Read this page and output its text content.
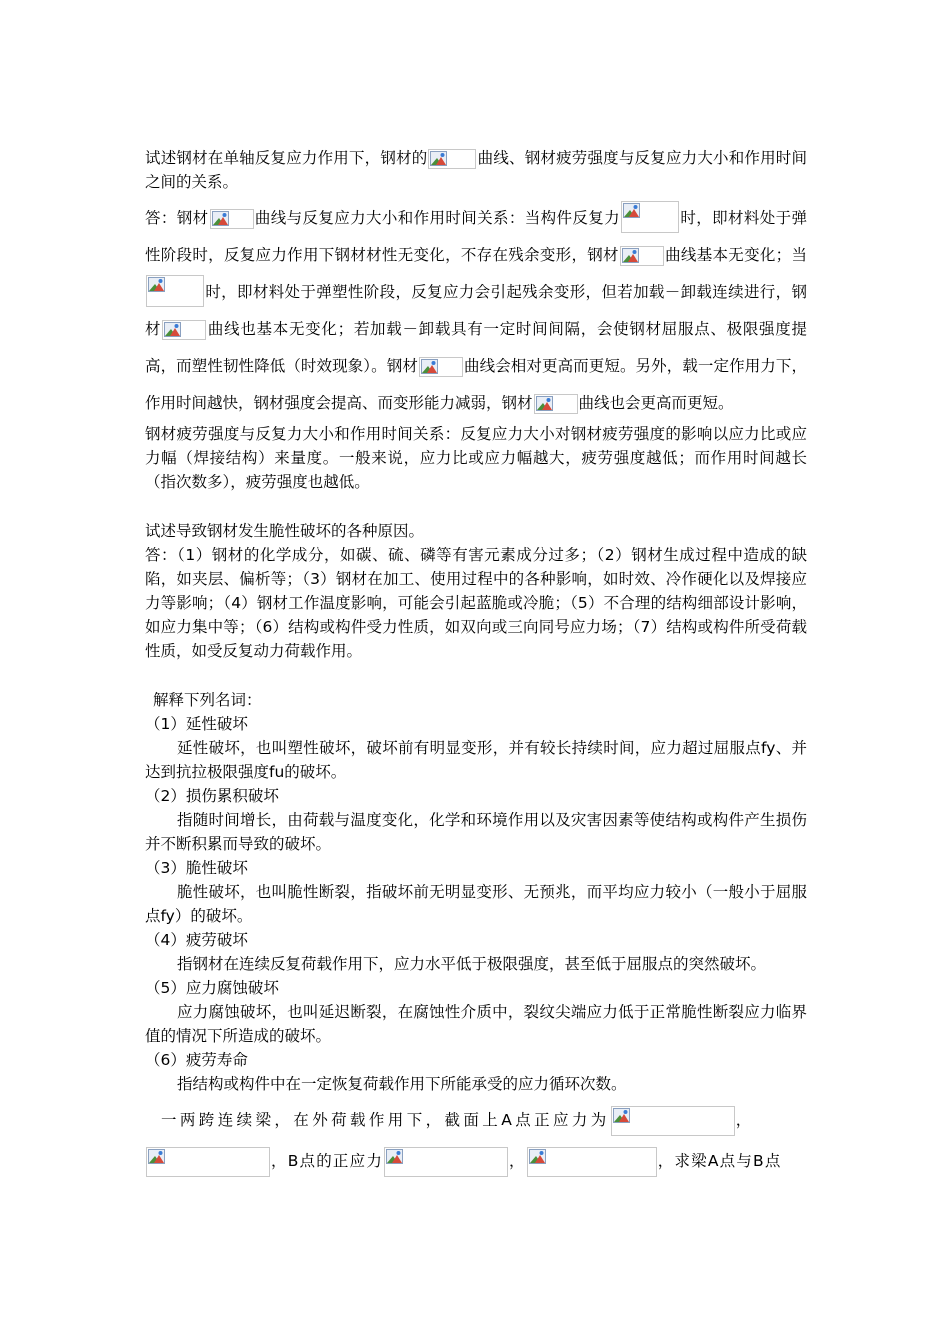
试述钢材在单轴反复应力作用下，钢材的	曲线、钢材疲劳强度与反复应力大小和作用时间之间的关系。

答：钢材	曲线与反复应力大小和作用时间关系：当构件反复力	时，即材料处于弹性阶段时，反复应力作用下钢材材性无变化，不存在残余变形，钢材	曲线基本无变化；当
时，即材料处于弹塑性阶段，反复应力会引起残余变形，但若加载－卸载连续进行，钢材	曲线也基本无变化；若加载－卸载具有一定时间间隔，会使钢材屈服点、极限强度提高，而塑性韧性降低（时效现象）。钢材	曲线会相对更高而更短。另外，载一定作用力下，作用时间越快，钢材强度会提高、而变形能力减弱，钢材	曲线也会更高而更短。

钢材疲劳强度与反复力大小和作用时间关系：反复应力大小对钢材疲劳强度的影响以应力比或应力幅（焊接结构）来量度。一般来说，应力比或应力幅越大，疲劳强度越低；而作用时间越长（指次数多），疲劳强度也越低。

试述导致钢材发生脆性破坏的各种原因。

答：（1）钢材的化学成分，如碳、硫、磷等有害元素成分过多；（2）钢材生成过程中造成的缺陷，如夹层、偏析等；（3）钢材在加工、使用过程中的各种影响，如时效、冷作硬化以及焊接应力等影响；（4）钢材工作温度影响，可能会引起蓝脆或冷脆；（5）不合理的结构细部设计影响，如应力集中等；（6）结构或构件受力性质，如双向或三向同号应力场；（7）结构或构件所受荷载性质，如受反复动力荷载作用。

解释下列名词：

（1）延性破坏

延性破坏，也叫塑性破坏，破坏前有明显变形，并有较长持续时间，应力超过屈服点fy、并达到抗拉极限强度fu的破坏。

（2）损伤累积破坏

指随时间增长，由荷载与温度变化，化学和环境作用以及灾害因素等使结构或构件产生损伤并不断积累而导致的破坏。

（3）脆性破坏

脆性破坏，也叫脆性断裂，指破坏前无明显变形、无预兆，而平均应力较小（一般小于屈服点fy）的破坏。

（4）疲劳破坏

指钢材在连续反复荷载作用下，应力水平低于极限强度，甚至低于屈服点的突然破坏。

（5）应力腐蚀破坏

应力腐蚀破坏，也叫延迟断裂，在腐蚀性介质中，裂纹尖端应力低于正常脆性断裂应力临界值的情况下所造成的破坏。

（6）疲劳寿命

指结构或构件中在一定恢复荷载作用下所能承受的应力循环次数。

一两跨连续梁，在外荷载作用下，截面上A点正应力为	，

，B点的正应力	，	，求梁A点与B点
